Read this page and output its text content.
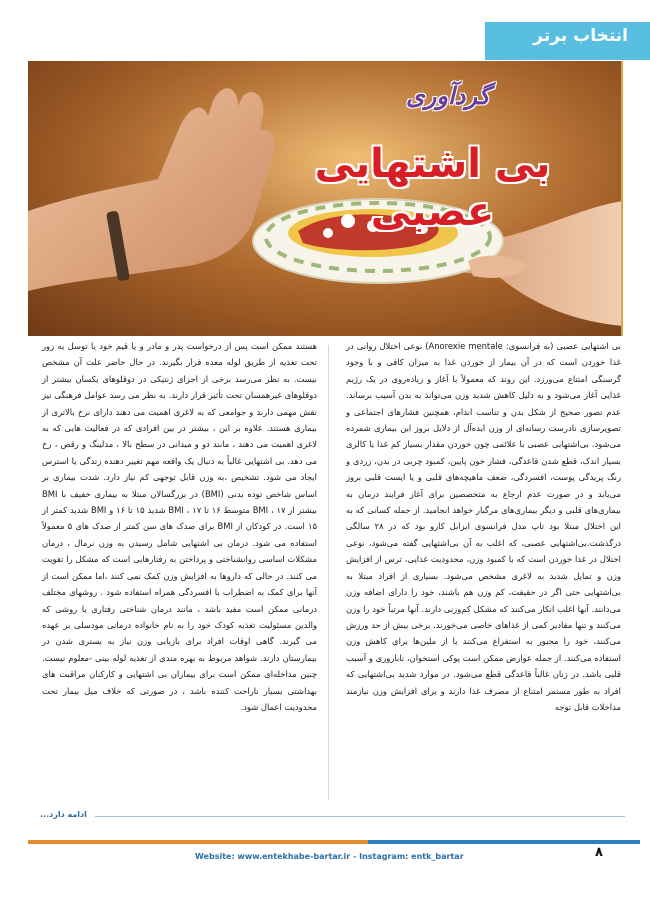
انتخاب برتر
گردآوری
بی اشتهایی عصبی

بی اشتهایی عصبی (به فرانسوی: Anorexie mentale) نوعی اختلال روانی در غذا خوردن است که در آن بیمار از خوردن غذا به میزان کافی و با وجود گرسنگی امتناع می‌ورزد. این روند که معمولاً با آغاز و زیاده‌روی در یک رژیم غذایی آغاز می‌شود و به دلیل کاهش شدید وزن می‌تواند به بدن آسیب برساند. عدم تصور صحیح از شکل بدن و تناسب اندام، همچنین فشارهای اجتماعی و تصویرسازی نادرست رسانه‌ای از وزن ایده‌آل از دلایل بروز این بیماری شمرده می‌شود. بی‌اشتهایی عصبی با علائمی چون خوردن مقدار بسیار کم غذا یا کالری بسیار اندک، قطع شدن قاعدگی، فشار خون پایین، کمبود چربی در بدن، زردی و رنگ پریدگی پوست، افسردگی، ضعف ماهیچه‌های قلبی و یا ایست قلبی بروز می‌یابد و در صورت عدم ارجاع به متخصصین برای آغاز فرایند درمان به بیماری‌های قلبی و دیگر بیماری‌های مرگبار خواهد انجامید. از جمله کسانی که به این اختلال مبتلا بود تاپ مدل فرانسوی ایزابل کارو بود که در ۲۸ سالگی درگذشت.بی‌اشتهایی عصبی، که اغلب به آن بی‌اشتهایی گفته می‌شود، نوعی اختلال در غذا خوردن است که با کمبود وزن، محدودیت غذایی، ترس از افزایش وزن و تمایل شدید به لاغری مشخص می‌شود. بسیاری از افراد مبتلا به بی‌اشتهایی حتی اگر در حقیقت، کم وزن هم باشند، خود را دارای اضافه وزن می‌دانند. آنها اغلب انکار می‌کنند که مشکل کم‌وزنی دارند. آنها مرتباً خود را وزن می‌کنند و تنها مقادیر کمی از غذاهای خاصی می‌خورند. برخی بیش از حد ورزش می‌کنند، خود را مجبور به استفراغ می‌کنند یا از ملین‌ها برای کاهش وزن استفاده می‌کنند. از جمله عوارض ممکن است پوکی استخوان، ناباروری و آسیب قلبی باشد. در زنان غالباً قاعدگی قطع می‌شود. در موارد شدید بی‌اشتهایی که افراد به طور مستمر امتناع از مصرف غذا دارند و برای افزایش وزن نیازمند مداخلات قابل توجه

هستند ممکن است پس از درخواست پدر و مادر و یا قیم خود یا توسل به زور تحت تغذیه از طریق لوله معده قرار بگیرند. در حال حاضر علت آن مشخص نیست. به نظر می‌رسد برخی از اجزای ژنتیکی در دوقلوهای یکسان بیشتر از دوقلوهای غیرهمسان تحت تأثیر قرار دارند. به نظر می رسد عوامل فرهنگی نیز نقش مهمی دارند و جوامعی که به لاغری اهمیت می دهند دارای نرخ بالاتری از بیماری هستند. علاوه بر این ، بیشتر در بین افرادی که در فعالیت هایی که به لاغری اهمیت می دهند ، مانند دو و میدانی در سطح بالا ، مدلینگ و رقص ، رخ می دهد. بی اشتهایی غالباً به دنبال یک واقعه مهم تغییر دهنده زندگی یا استرس ایجاد می شود. تشخیص ،به وزن قابل توجهی کم نیاز دارد. شدت بیماری بر اساس شاخص توده بدنی (BMI) در بزرگسالان مبتلا به بیماری خفیف با BMI بیشتر از ۱۷ ، BMI متوسط ۱۶ تا ۱۷ ، BMI شدید ۱۵ تا ۱۶ و BMI شدید کمتر از ۱۵ است. در کودکان از BMI برای صدک های سن کمتر از صدک های ۵ معمولاً استفاده می شود. درمان بی اشتهایی شامل رسیدن به وزن نرمال ، درمان مشکلات اساسی روانشناختی و پرداختن به رفتارهایی است که مشکل را تقویت می کنند. در حالی که داروها به افزایش وزن کمک نمی کنند ،اما ممکن است از آنها برای کمک به اضطراب یا افسردگی همراه استفاده شود . روشهای مختلف درمانی ممکن است مفید باشد ، مانند درمان شناختی رفتاری یا روشی که والدین مسئولیت تغذیه کودک خود را به نام خانواده درمانی مودسلی بر عهده می گیرند. گاهی اوقات افراد برای بازیابی وزن نیاز به بستری شدن در بیمارستان دارند. شواهد مربوط به بهره مندی از تغذیه لوله بینی -معلوم نیست. چنین مداخله‌ای ممکن است برای بیماران بی اشتهایی و کارکنان مراقبت های بهداشتی بسیار ناراحت کننده باشد ، در صورتی که خلاف میل بیمار تحت محدودیت اعمال شود.

ادامه دارد...
Website: www.entekhabe-bartar.ir - Instagram: entk_bartar	۸
